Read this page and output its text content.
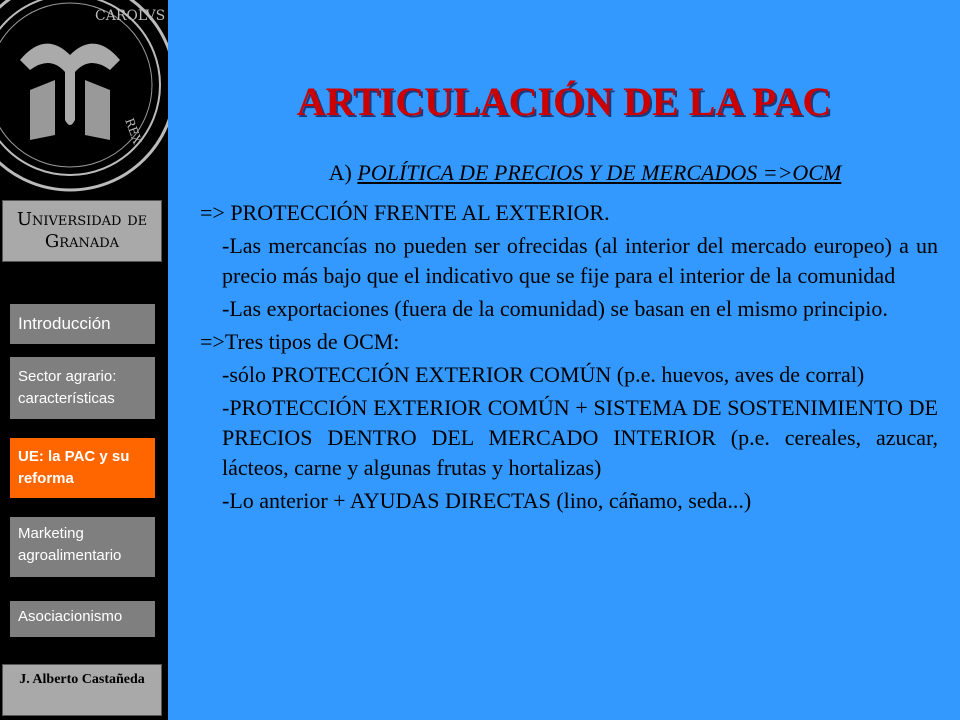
CAROLVS
REX
Universidad de Granada
Introducción
Sector agrario: características
UE: la PAC y su reforma
Marketing agroalimentario
Asociacionismo
J. Alberto Castañeda
ARTICULACIÓN DE LA PAC
A) POLÍTICA DE PRECIOS Y DE MERCADOS =>OCM
=> PROTECCIÓN FRENTE AL EXTERIOR.
-Las mercancías no pueden ser ofrecidas (al interior del mercado europeo) a un precio más bajo que el indicativo que se fije para el interior de la comunidad
-Las exportaciones (fuera de la comunidad) se basan en el mismo principio.
=>Tres tipos de OCM:
-sólo PROTECCIÓN EXTERIOR COMÚN (p.e. huevos, aves de corral)
-PROTECCIÓN EXTERIOR COMÚN + SISTEMA DE SOSTENIMIENTO DE PRECIOS DENTRO DEL MERCADO INTERIOR (p.e. cereales, azucar, lácteos, carne y algunas frutas y hortalizas)
-Lo anterior + AYUDAS DIRECTAS (lino, cáñamo, seda...)
